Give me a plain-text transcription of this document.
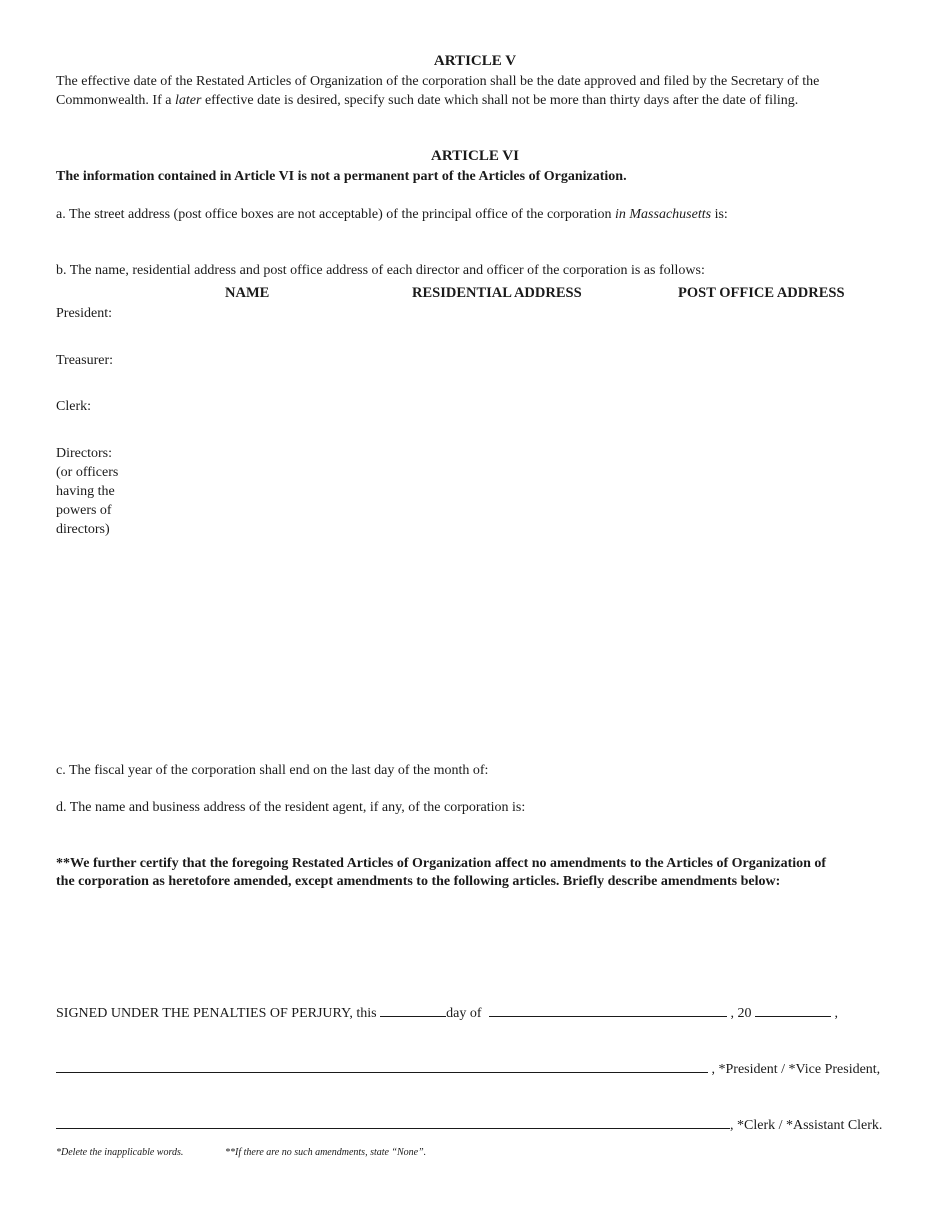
ARTICLE V
The effective date of the Restated Articles of Organization of the corporation shall be the date approved and filed by the Secretary of the
Commonwealth. If a later effective date is desired, specify such date which shall not be more than thirty days after the date of filing.
ARTICLE VI
The information contained in Article VI is not a permanent part of the Articles of Organization.
a. The street address (post office boxes are not acceptable) of the principal office of the corporation in Massachusetts is:
b. The name, residential address and post office address of each director and officer of the corporation is as follows:
NAME	RESIDENTIAL ADDRESS	POST OFFICE ADDRESS
President:
Treasurer:
Clerk:
Directors:
(or officers
having the
powers of
directors)
c. The fiscal year of the corporation shall end on the last day of the month of:
d. The name and business address of the resident agent, if any, of the corporation is:
**We further certify that the foregoing Restated Articles of Organization affect no amendments to the Articles of Organization of
the corporation as heretofore amended, except amendments to the following articles. Briefly describe amendments below:
SIGNED UNDER THE PENALTIES OF PERJURY, this	day of	, 20	,
, *President / *Vice President,
, *Clerk / *Assistant Clerk.
*Delete the inapplicable words.	**If there are no such amendments, state “None”.
